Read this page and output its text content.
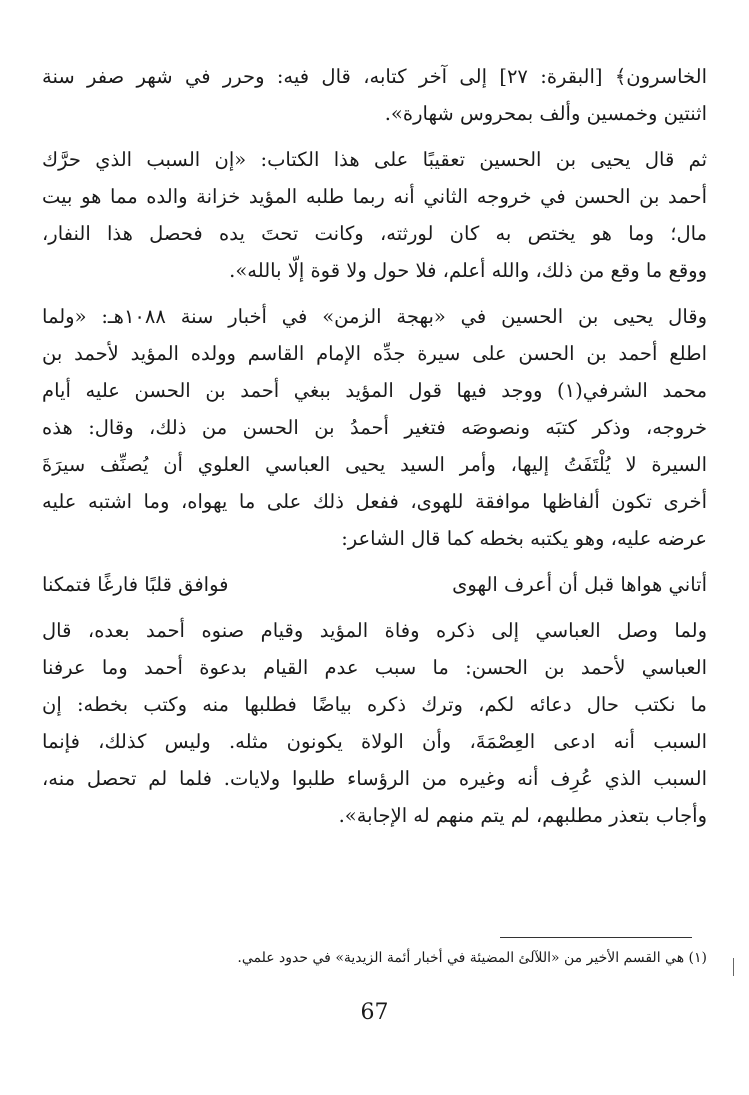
الخاسرون﴾ [البقرة: ٢٧] إلى آخر كتابه، قال فيه: وحرر في شهر صفر سنة
اثنتين وخمسين وألف بمحروس شهارة».
ثم قال يحيى بن الحسين تعقيبًا على هذا الكتاب: «إن السبب الذي حرَّك
أحمد بن الحسن في خروجه الثاني أنه ربما طلبه المؤيد خزانة والده مما هو بيت
مال؛ وما هو يختص به كان لورثته، وكانت تحتَ يده فحصل هذا النفار،
ووقع ما وقع من ذلك، والله أعلم، فلا حول ولا قوة إلّا بالله».
وقال يحيى بن الحسين في «بهجة الزمن» في أخبار سنة ١٠٨٨هـ: «ولما
اطلع أحمد بن الحسن على سيرة جدِّه الإمام القاسم وولده المؤيد لأحمد بن
محمد الشرفي(١) ووجد فيها قول المؤيد ببغي أحمد بن الحسن عليه أيام
خروجه، وذكر كتبَه ونصوصَه فتغير أحمدُ بن الحسن من ذلك، وقال: هذه
السيرة لا يُلْتَفَتُ إليها، وأمر السيد يحيى العباسي العلوي أن يُصنِّف سيرَةَ
أخرى تكون ألفاظها موافقة للهوى، ففعل ذلك على ما يهواه، وما اشتبه عليه
عرضه عليه، وهو يكتبه بخطه كما قال الشاعر:
أتاني هواها قبل أن أعرف الهوى
فوافق قلبًا فارغًا فتمكنا
ولما وصل العباسي إلى ذكره وفاة المؤيد وقيام صنوه أحمد بعده، قال
العباسي لأحمد بن الحسن: ما سبب عدم القيام بدعوة أحمد وما عرفنا
ما نكتب حال دعائه لكم، وترك ذكره بياضًا فطلبها منه وكتب بخطه: إن
السبب أنه ادعى العِصْمَةَ، وأن الولاة يكونون مثله. وليس كذلك، فإنما
السبب الذي عُرِف أنه وغيره من الرؤساء طلبوا ولايات. فلما لم تحصل منه،
وأجاب بتعذر مطلبهم، لم يتم منهم له الإجابة».
(١) هي القسم الأخير من «اللآلئ المضيئة في أخبار أئمة الزيدية» في حدود علمي.
67
